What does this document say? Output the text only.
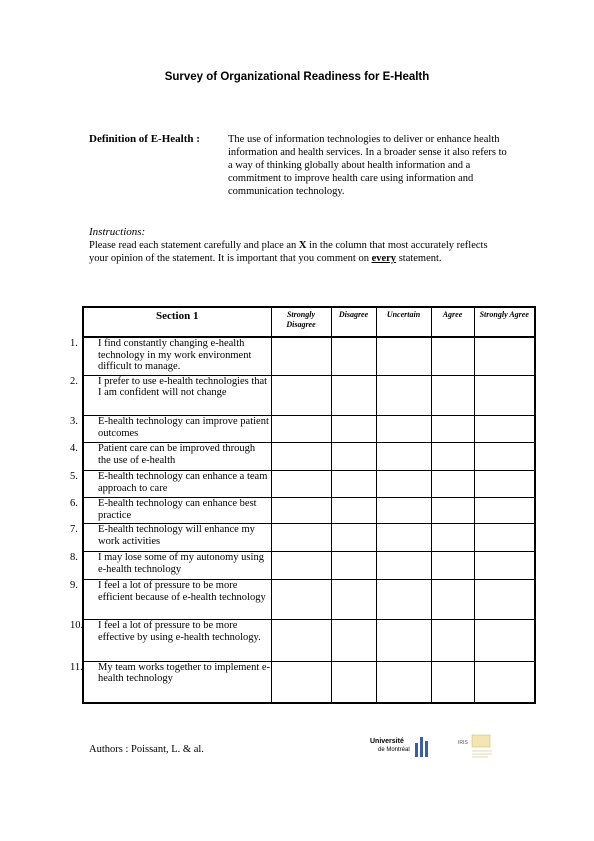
Survey of Organizational Readiness for E-Health
Definition of E-Health :	The use of information technologies to deliver or enhance health information and health services. In a broader sense it also refers to a way of thinking globally about health information and a commitment to improve health care using information and communication technology.
Instructions:
Please read each statement carefully and place an X in the column that most accurately reflects your opinion of the statement. It is important that you comment on every statement.
Section 1	Strongly Disagree	Disagree	Uncertain	Agree	Strongly Agree

1. I find constantly changing e-health technology in my work environment difficult to manage.					

2. I prefer to use e-health technologies that I am confident will not change					

3. E-health technology can improve patient outcomes					

4. Patient care can be improved through the use of e-health					

5. E-health technology can enhance a team approach to care					

6. E-health technology can enhance best practice					

7. E-health technology will enhance my work activities					

8. I may lose some of my autonomy using e-health technology					

9. I feel a lot of pressure to be more efficient because of e-health technology					

10. I feel a lot of pressure to be more effective by using e-health technology.					

11. My team works together to implement e-health technology					

Authors : Poissant, L. & al.
Université
de Montréal
IRIS
